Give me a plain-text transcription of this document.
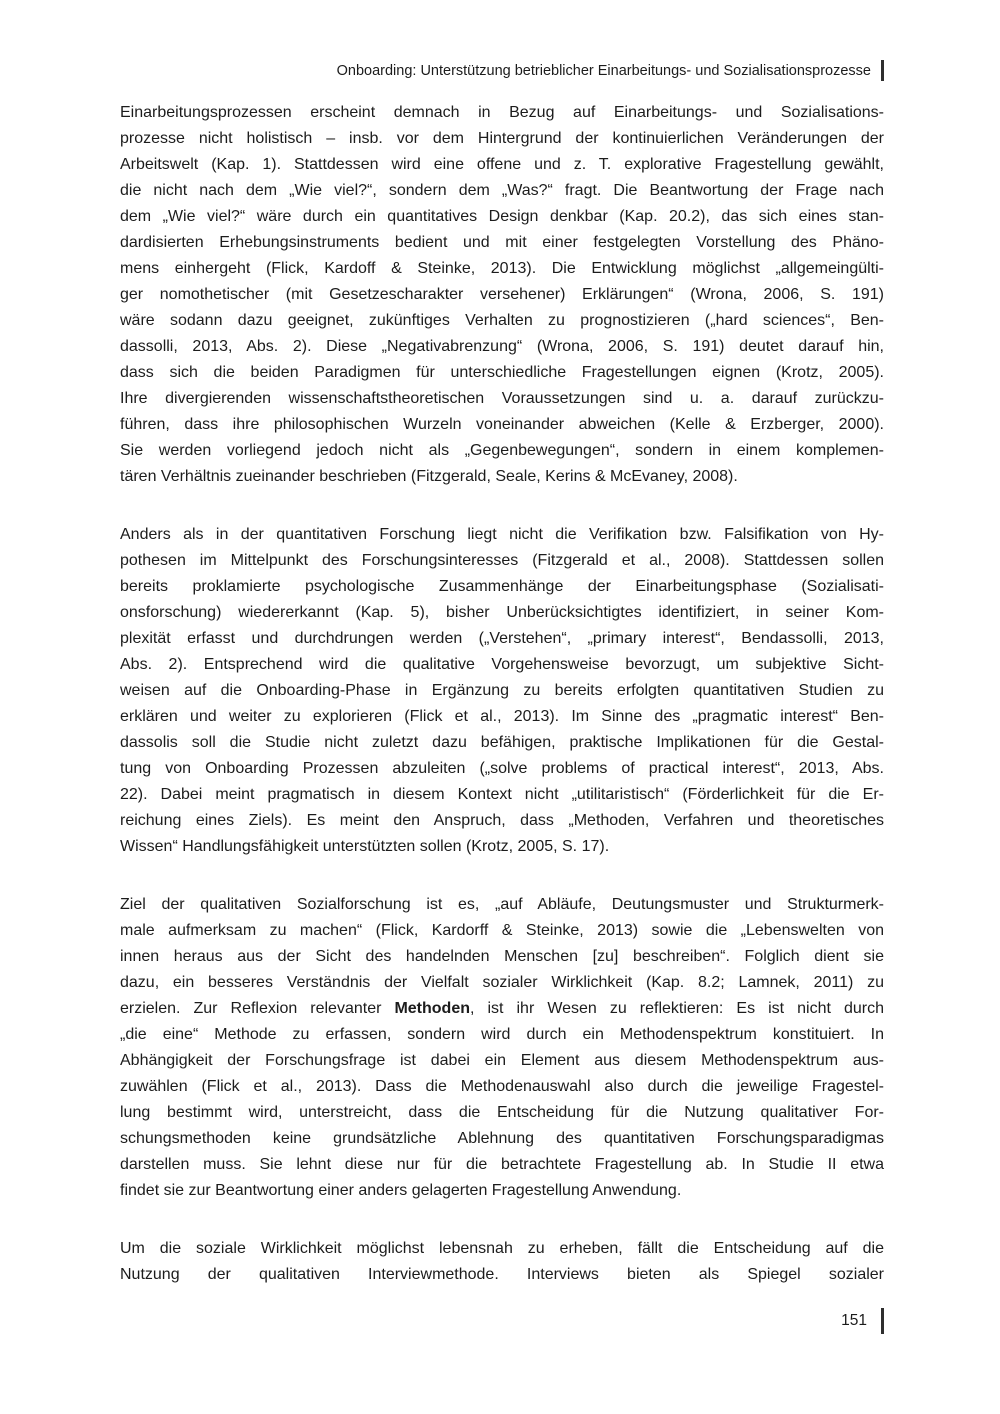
Onboarding: Unterstützung betrieblicher Einarbeitungs- und Sozialisationsprozesse
Einarbeitungsprozessen erscheint demnach in Bezug auf Einarbeitungs- und Sozialisations-
prozesse nicht holistisch – insb. vor dem Hintergrund der kontinuierlichen Veränderungen der
Arbeitswelt (Kap. 1). Stattdessen wird eine offene und z. T. explorative Fragestellung gewählt,
die nicht nach dem „Wie viel?“, sondern dem „Was?“ fragt. Die Beantwortung der Frage nach
dem „Wie viel?“ wäre durch ein quantitatives Design denkbar (Kap. 20.2), das sich eines stan-
dardisierten Erhebungsinstruments bedient und mit einer festgelegten Vorstellung des Phäno-
mens einhergeht (Flick, Kardoff & Steinke, 2013). Die Entwicklung möglichst „allgemeingülti-
ger nomothetischer (mit Gesetzescharakter versehener) Erklärungen“ (Wrona, 2006, S. 191)
wäre sodann dazu geeignet, zukünftiges Verhalten zu prognostizieren („hard sciences“, Ben-
dassolli, 2013, Abs. 2). Diese „Negativabrenzung“ (Wrona, 2006, S. 191) deutet darauf hin,
dass sich die beiden Paradigmen für unterschiedliche Fragestellungen eignen (Krotz, 2005).
Ihre divergierenden wissenschaftstheoretischen Voraussetzungen sind u. a. darauf zurückzu-
führen, dass ihre philosophischen Wurzeln voneinander abweichen (Kelle & Erzberger, 2000).
Sie werden vorliegend jedoch nicht als „Gegenbewegungen“, sondern in einem komplemen-
tären Verhältnis zueinander beschrieben (Fitzgerald, Seale, Kerins & McEvaney, 2008).
Anders als in der quantitativen Forschung liegt nicht die Verifikation bzw. Falsifikation von Hy-
pothesen im Mittelpunkt des Forschungsinteresses (Fitzgerald et al., 2008). Stattdessen sollen
bereits proklamierte psychologische Zusammenhänge der Einarbeitungsphase (Sozialisati-
onsforschung) wiedererkannt (Kap. 5), bisher Unberücksichtigtes identifiziert, in seiner Kom-
plexität erfasst und durchdrungen werden („Verstehen“, „primary interest“, Bendassolli, 2013,
Abs. 2). Entsprechend wird die qualitative Vorgehensweise bevorzugt, um subjektive Sicht-
weisen auf die Onboarding-Phase in Ergänzung zu bereits erfolgten quantitativen Studien zu
erklären und weiter zu explorieren (Flick et al., 2013). Im Sinne des „pragmatic interest“ Ben-
dassolis soll die Studie nicht zuletzt dazu befähigen, praktische Implikationen für die Gestal-
tung von Onboarding Prozessen abzuleiten („solve problems of practical interest“, 2013, Abs.
22). Dabei meint pragmatisch in diesem Kontext nicht „utilitaristisch“ (Förderlichkeit für die Er-
reichung eines Ziels). Es meint den Anspruch, dass „Methoden, Verfahren und theoretisches
Wissen“ Handlungsfähigkeit unterstützten sollen (Krotz, 2005, S. 17).
Ziel der qualitativen Sozialforschung ist es, „auf Abläufe, Deutungsmuster und Strukturmerk-
male aufmerksam zu machen“ (Flick, Kardorff & Steinke, 2013) sowie die „Lebenswelten von
innen heraus aus der Sicht des handelnden Menschen [zu] beschreiben“. Folglich dient sie
dazu, ein besseres Verständnis der Vielfalt sozialer Wirklichkeit (Kap. 8.2; Lamnek, 2011) zu
erzielen. Zur Reflexion relevanter Methoden, ist ihr Wesen zu reflektieren: Es ist nicht durch
„die eine“ Methode zu erfassen, sondern wird durch ein Methodenspektrum konstituiert. In
Abhängigkeit der Forschungsfrage ist dabei ein Element aus diesem Methodenspektrum aus-
zuwählen (Flick et al., 2013). Dass die Methodenauswahl also durch die jeweilige Fragestel-
lung bestimmt wird, unterstreicht, dass die Entscheidung für die Nutzung qualitativer For-
schungsmethoden keine grundsätzliche Ablehnung des quantitativen Forschungsparadigmas
darstellen muss. Sie lehnt diese nur für die betrachtete Fragestellung ab. In Studie II etwa
findet sie zur Beantwortung einer anders gelagerten Fragestellung Anwendung.
Um die soziale Wirklichkeit möglichst lebensnah zu erheben, fällt die Entscheidung auf die
Nutzung der qualitativen Interviewmethode. Interviews bieten als Spiegel sozialer
151
